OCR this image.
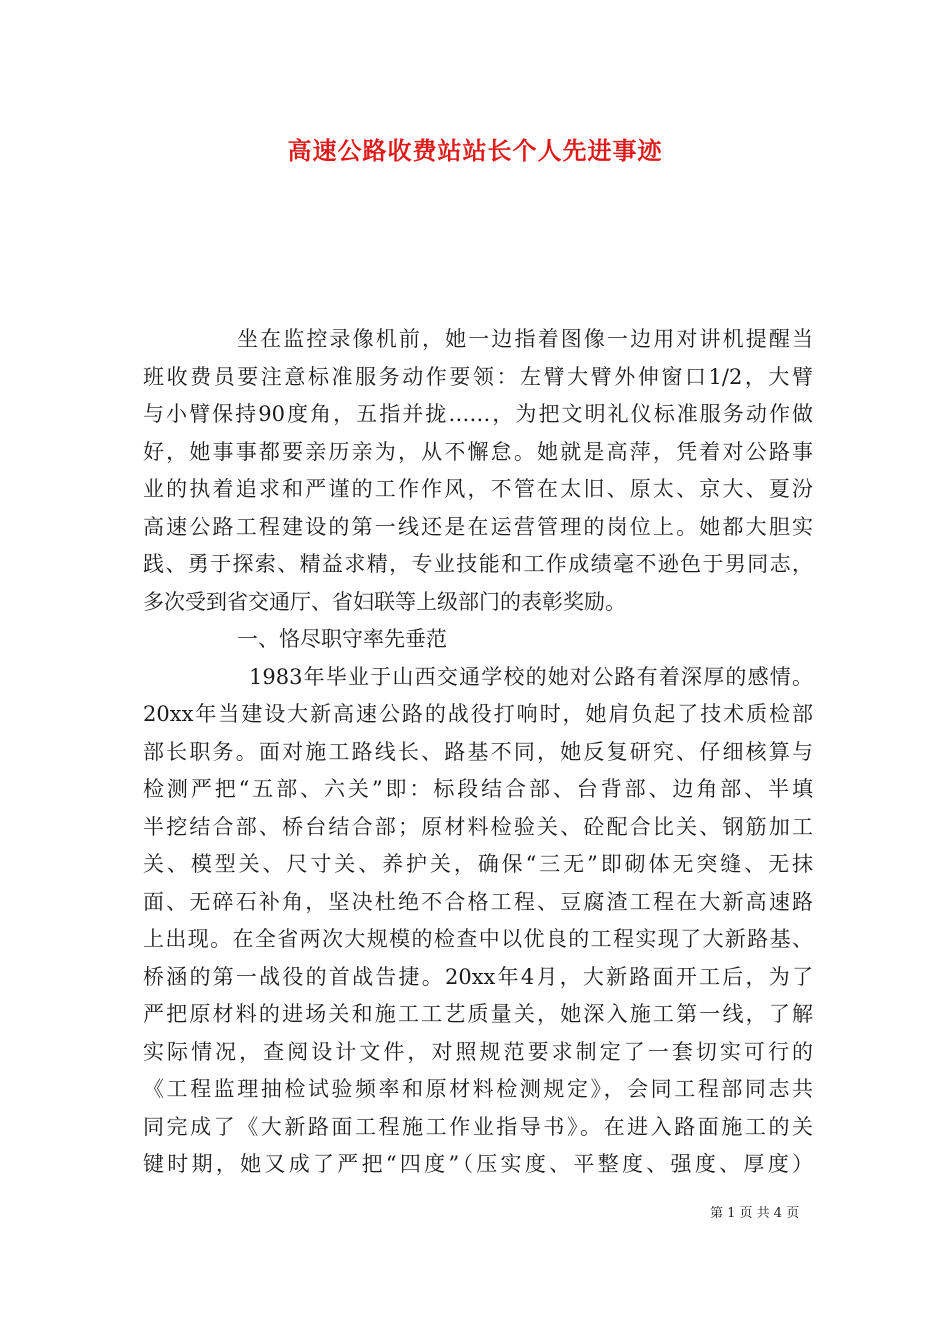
高速公路收费站站长个人先进事迹
坐在监控录像机前，她一边指着图像一边用对讲机提醒当
班收费员要注意标准服务动作要领：左臂大臂外伸窗口1/2，大臂
与小臂保持90度角，五指并拢……，为把文明礼仪标准服务动作做
好，她事事都要亲历亲为，从不懈怠。她就是高萍，凭着对公路事
业的执着追求和严谨的工作作风，不管在太旧、原太、京大、夏汾
高速公路工程建设的第一线还是在运营管理的岗位上。她都大胆实
践、勇于探索、精益求精，专业技能和工作成绩毫不逊色于男同志，
多次受到省交通厅、省妇联等上级部门的表彰奖励。
一、恪尽职守率先垂范
1983年毕业于山西交通学校的她对公路有着深厚的感情。
20xx年当建设大新高速公路的战役打响时，她肩负起了技术质检部
部长职务。面对施工路线长、路基不同，她反复研究、仔细核算与
检测严把“五部、六关”即：标段结合部、台背部、边角部、半填
半挖结合部、桥台结合部；原材料检验关、砼配合比关、钢筋加工
关、模型关、尺寸关、养护关，确保“三无”即砌体无突缝、无抹
面、无碎石补角，坚决杜绝不合格工程、豆腐渣工程在大新高速路
上出现。在全省两次大规模的检查中以优良的工程实现了大新路基、
桥涵的第一战役的首战告捷。20xx年4月，大新路面开工后，为了
严把原材料的进场关和施工工艺质量关，她深入施工第一线，了解
实际情况，查阅设计文件，对照规范要求制定了一套切实可行的
《工程监理抽检试验频率和原材料检测规定》，会同工程部同志共
同完成了《大新路面工程施工作业指导书》。在进入路面施工的关
键时期，她又成了严把“四度”（压实度、平整度、强度、厚度）
第 1 页 共 4 页
